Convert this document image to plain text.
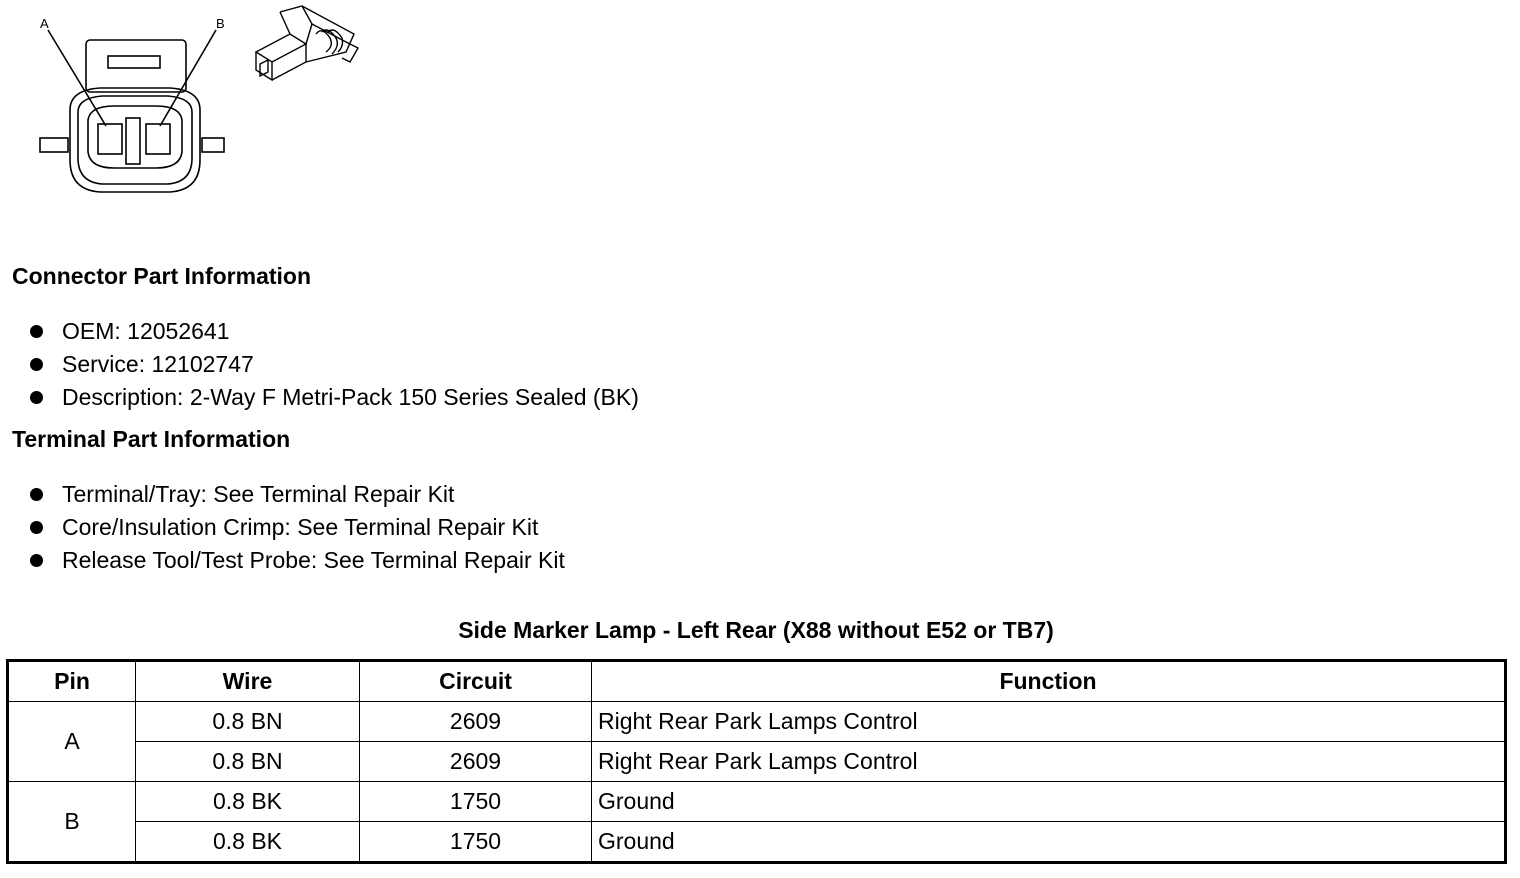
A	B
Connector Part Information
OEM: 12052641
Service: 12102747
Description: 2-Way F Metri-Pack 150 Series Sealed (BK)
Terminal Part Information
Terminal/Tray: See Terminal Repair Kit
Core/Insulation Crimp: See Terminal Repair Kit
Release Tool/Test Probe: See Terminal Repair Kit
Side Marker Lamp - Left Rear (X88 without E52 or TB7)
Pin	Wire	Circuit	Function
A	0.8 BN	2609	Right Rear Park Lamps Control
	0.8 BN	2609	Right Rear Park Lamps Control
B	0.8 BK	1750	Ground
	0.8 BK	1750	Ground
